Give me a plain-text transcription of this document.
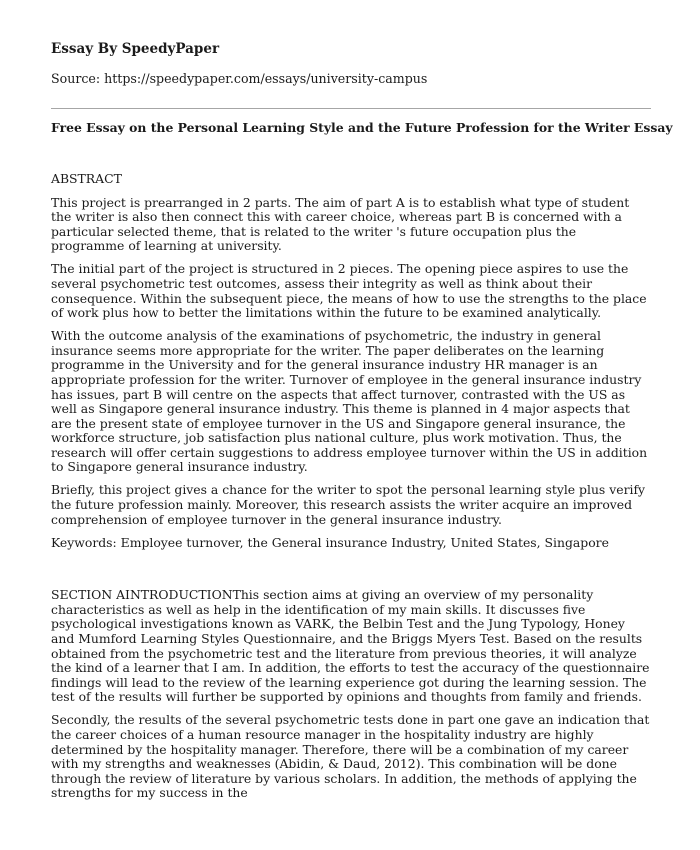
Essay By SpeedyPaper
Source: https://speedypaper.com/essays/university-campus
Free Essay on the Personal Learning Style and the Future Profession for the Writer Essay

ABSTRACT

This project is prearranged in 2 parts. The aim of part A is to establish what type of student the writer is also then connect this with career choice, whereas part B is concerned with a particular selected theme, that is related to the writer 's future occupation plus the programme of learning at university.

The initial part of the project is structured in 2 pieces. The opening piece aspires to use the several psychometric test outcomes, assess their integrity as well as think about their consequence. Within the subsequent piece, the means of how to use the strengths to the place of work plus how to better the limitations within the future to be examined analytically.

With the outcome analysis of the examinations of psychometric, the industry in general insurance seems more appropriate for the writer. The paper deliberates on the learning programme in the University and for the general insurance industry HR manager is an appropriate profession for the writer. Turnover of employee in the general insurance industry has issues, part B will centre on the aspects that affect turnover, contrasted with the US as well as Singapore general insurance industry. This theme is planned in 4 major aspects that are the present state of employee turnover in the US and Singapore general insurance, the workforce structure, job satisfaction plus national culture, plus work motivation. Thus, the research will offer certain suggestions to address employee turnover within the US in addition to Singapore general insurance industry.

Briefly, this project gives a chance for the writer to spot the personal learning style plus verify the future profession mainly. Moreover, this research assists the writer acquire an improved comprehension of employee turnover in the general insurance industry.

Keywords: Employee turnover, the General insurance Industry, United States, Singapore

SECTION AINTRODUCTIONThis section aims at giving an overview of my personality characteristics as well as help in the identification of my main skills. It discusses five psychological investigations known as VARK, the Belbin Test and the Jung Typology, Honey and Mumford Learning Styles Questionnaire, and the Briggs Myers Test. Based on the results obtained from the psychometric test and the literature from previous theories, it will analyze the kind of a learner that I am. In addition, the efforts to test the accuracy of the questionnaire findings will lead to the review of the learning experience got during the learning session. The test of the results will further be supported by opinions and thoughts from family and friends.

Secondly, the results of the several psychometric tests done in part one gave an indication that the career choices of a human resource manager in the hospitality industry are highly determined by the hospitality manager. Therefore, there will be a combination of my career with my strengths and weaknesses (Abidin, & Daud, 2012). This combination will be done through the review of literature by various scholars. In addition, the methods of applying the strengths for my success in the
